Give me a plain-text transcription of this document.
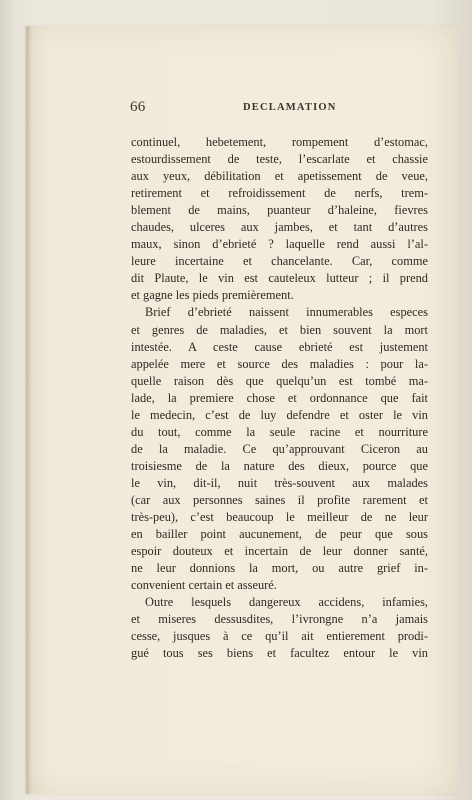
66	DECLAMATION
continuel, hebetement, rompement d’estomac,
estourdissement de teste, l’escarlate et chassie
aux yeux, débilitation et apetissement de veue,
retirement et refroidissement de nerfs, trem-
blement de mains, puanteur d’haleine, fievres
chaudes, ulceres aux jambes, et tant d’autres
maux, sinon d’ebrieté ? laquelle rend aussi l’al-
leure incertaine et chancelante. Car, comme
dit Plaute, le vin est cauteleux lutteur ; il prend
et gagne les pieds premièrement.
Brief d’ebrieté naissent innumerables especes
et genres de maladies, et bien souvent la mort
intestée. A ceste cause ebrieté est justement
appelée mere et source des maladies : pour la-
quelle raison dès que quelqu’un est tombé ma-
lade, la premiere chose et ordonnance que fait
le medecin, c’est de luy defendre et oster le vin
du tout, comme la seule racine et nourriture
de la maladie. Ce qu’approuvant Ciceron au
troisiesme de la nature des dieux, pource que
le vin, dit-il, nuit très-souvent aux malades
(car aux personnes saines il profite rarement et
très-peu), c’est beaucoup le meilleur de ne leur
en bailler point aucunement, de peur que sous
espoir douteux et incertain de leur donner santé,
ne leur donnions la mort, ou autre grief in-
convenient certain et asseuré.
Outre lesquels dangereux accidens, infamies,
et miseres dessusdites, l’ivrongne n’a jamais
cesse, jusques à ce qu’il ait entierement prodi-
gué tous ses biens et facultez entour le vin
